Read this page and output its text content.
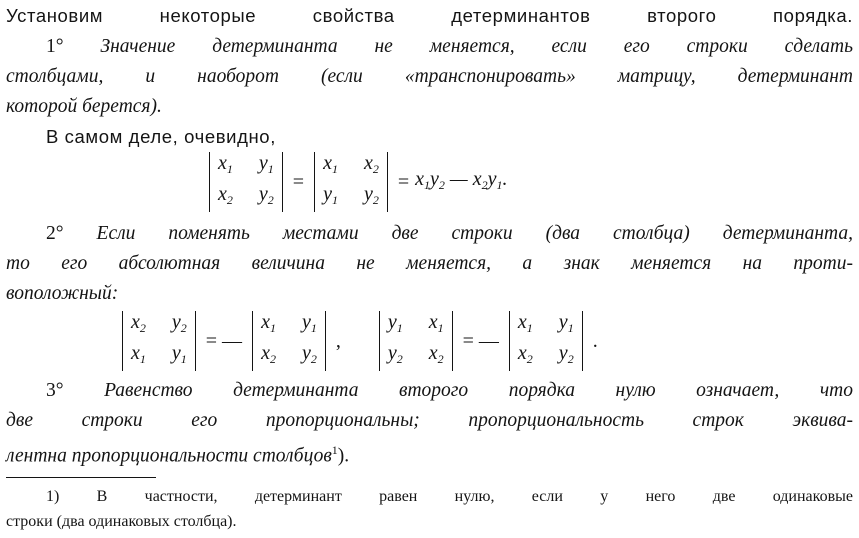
Установим некоторые свойства детерминантов второго порядка.
1° Значение детерминанта не меняется, если его строки сделать
столбцами, и наоборот (если «транспонировать» матрицу, детерминант
которой берется).
В самом деле, очевидно,
$x_1$ $y_1$
$x_2$ $y_2$
=
$x_1$ $x_2$
$y_1$ $y_2$
= $x_1y_2$ — $x_2y_1$.
2° Если поменять местами две строки (два столбца) детерминанта,
то его абсолютная величина не меняется, а знак меняется на проти-
воположный:
$x_2$ $y_2$
$x_1$ $y_1$
= —
$x_1$ $y_1$
$x_2$ $y_2$
,
$y_1$ $x_1$
$y_2$ $x_2$
= —
$x_1$ $y_1$
$x_2$ $y_2$
.
3° Равенство детерминанта второго порядка нулю означает, что
две строки его пропорциональны; пропорциональность строк эквива-
лентна пропорциональности столбцов$^1$).
1) В частности, детерминант равен нулю, если у него две одинаковые
строки (два одинаковых столбца).
